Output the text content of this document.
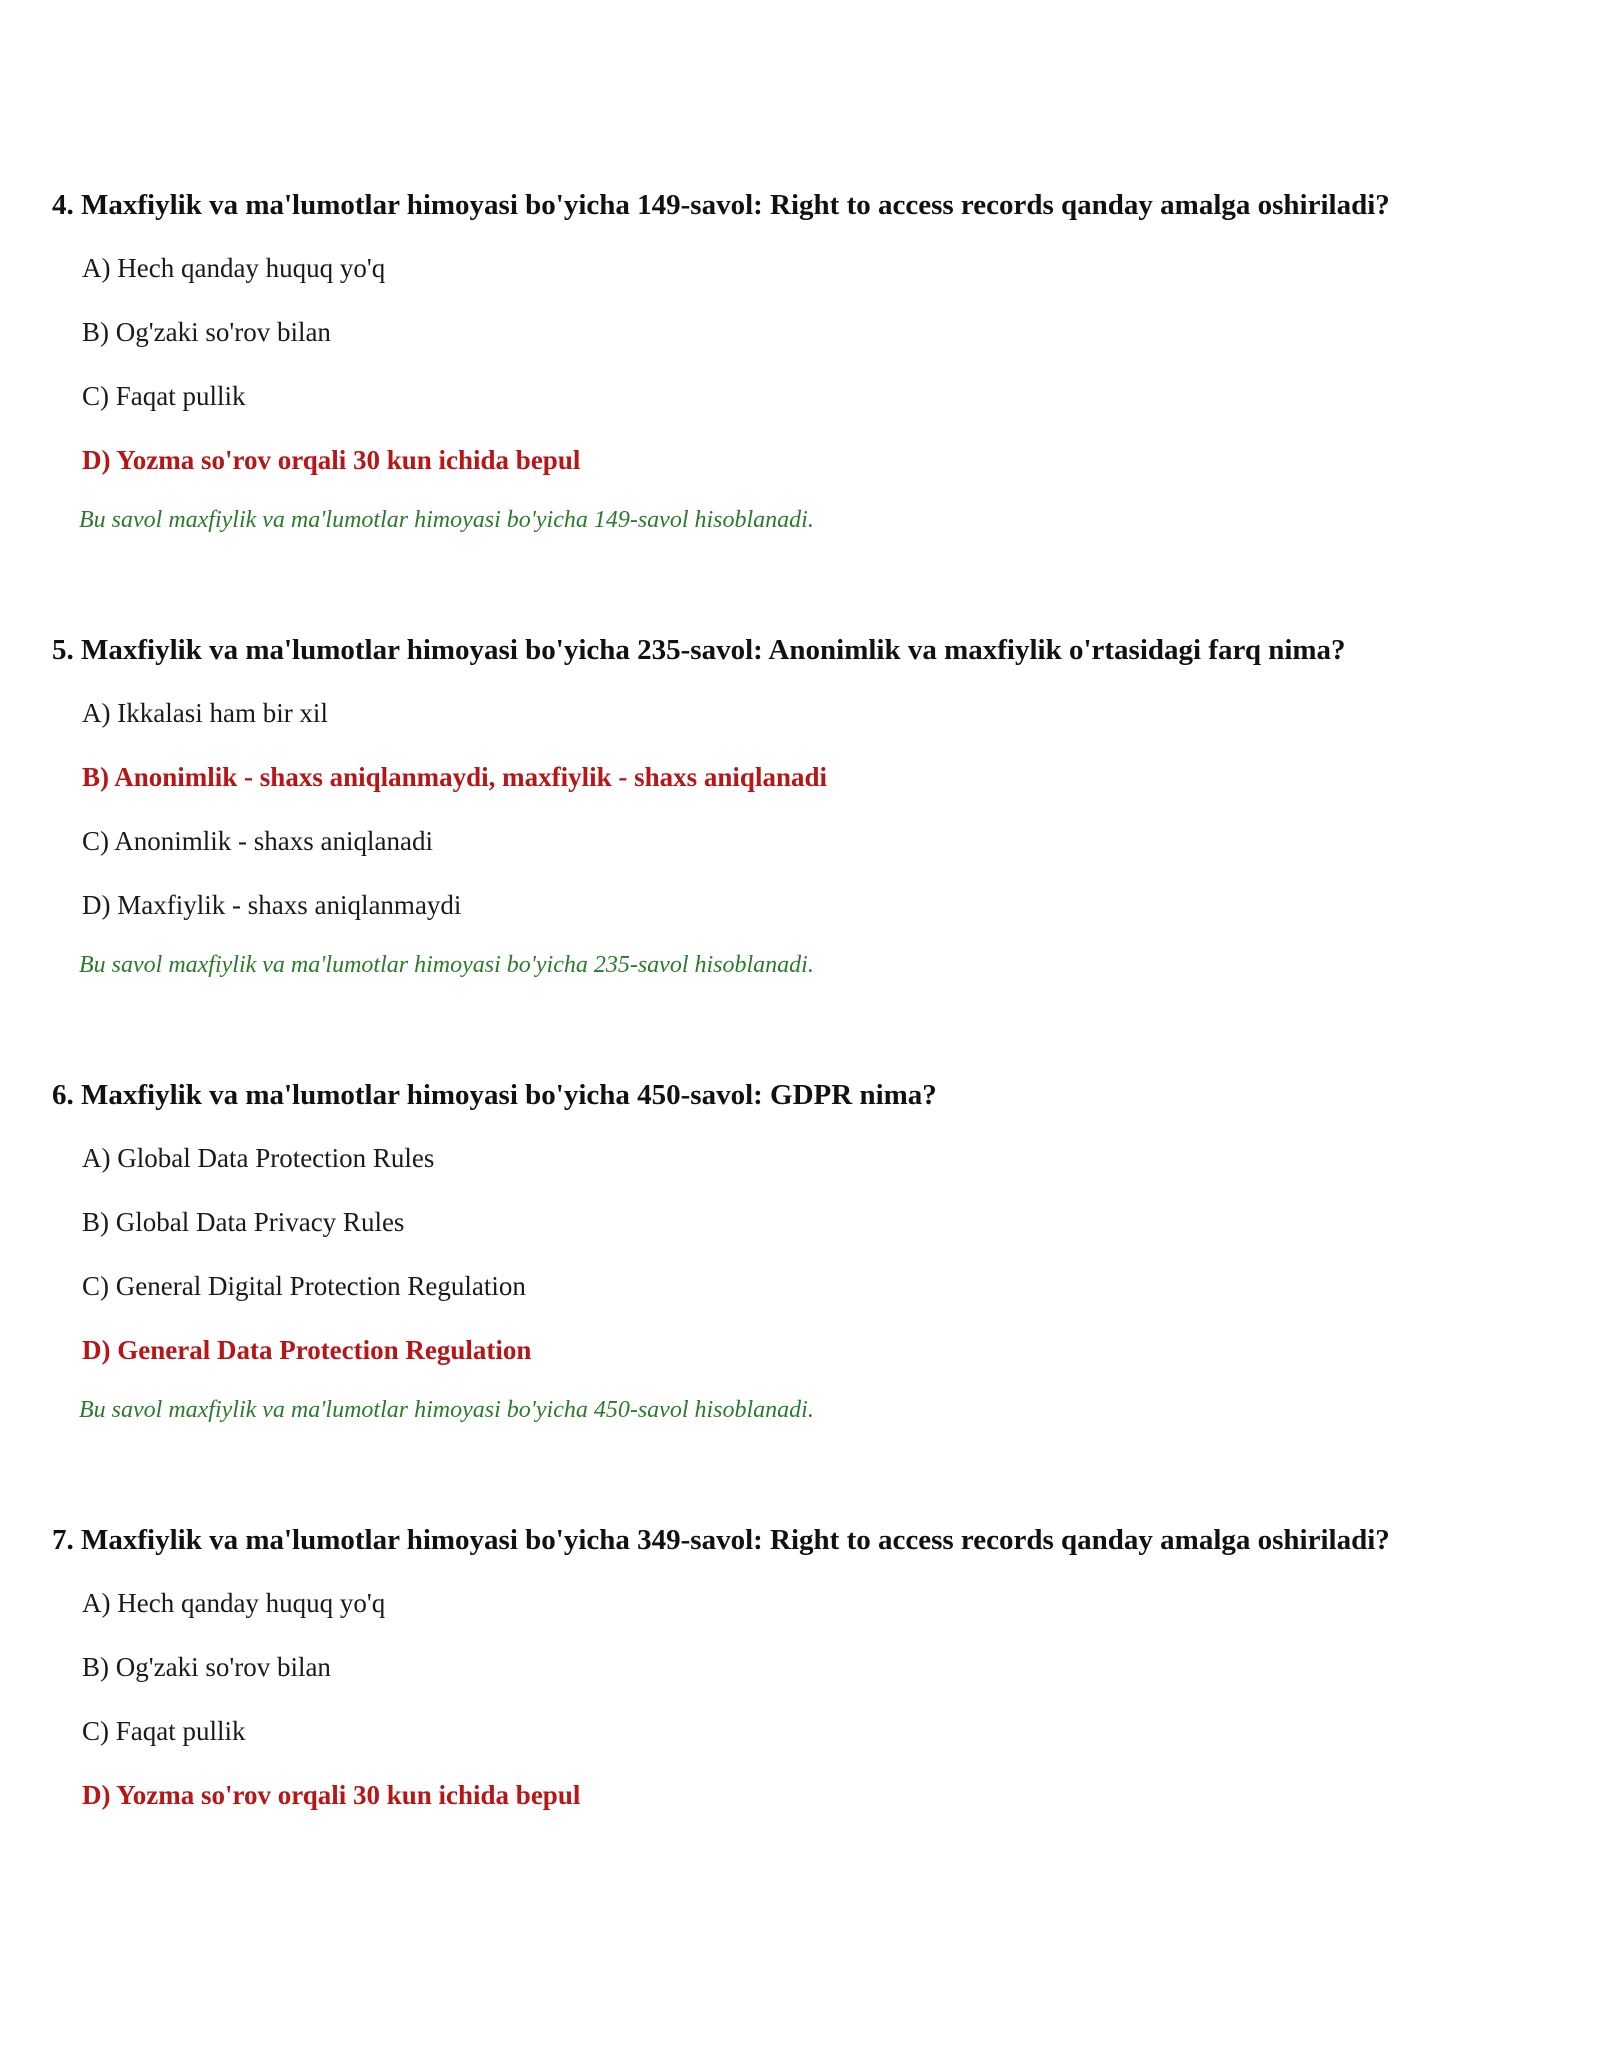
4. Maxfiylik va ma'lumotlar himoyasi bo'yicha 149-savol: Right to access records qanday amalga oshiriladi?
A) Hech qanday huquq yo'q
B) Og'zaki so'rov bilan
C) Faqat pullik
D) Yozma so'rov orqali 30 kun ichida bepul

Bu savol maxfiylik va ma'lumotlar himoyasi bo'yicha 149-savol hisoblanadi.

5. Maxfiylik va ma'lumotlar himoyasi bo'yicha 235-savol: Anonimlik va maxfiylik o'rtasidagi farq nima?
A) Ikkalasi ham bir xil
B) Anonimlik - shaxs aniqlanmaydi, maxfiylik - shaxs aniqlanadi
C) Anonimlik - shaxs aniqlanadi
D) Maxfiylik - shaxs aniqlanmaydi

Bu savol maxfiylik va ma'lumotlar himoyasi bo'yicha 235-savol hisoblanadi.

6. Maxfiylik va ma'lumotlar himoyasi bo'yicha 450-savol: GDPR nima?
A) Global Data Protection Rules
B) Global Data Privacy Rules
C) General Digital Protection Regulation
D) General Data Protection Regulation

Bu savol maxfiylik va ma'lumotlar himoyasi bo'yicha 450-savol hisoblanadi.

7. Maxfiylik va ma'lumotlar himoyasi bo'yicha 349-savol: Right to access records qanday amalga oshiriladi?
A) Hech qanday huquq yo'q
B) Og'zaki so'rov bilan
C) Faqat pullik
D) Yozma so'rov orqali 30 kun ichida bepul
